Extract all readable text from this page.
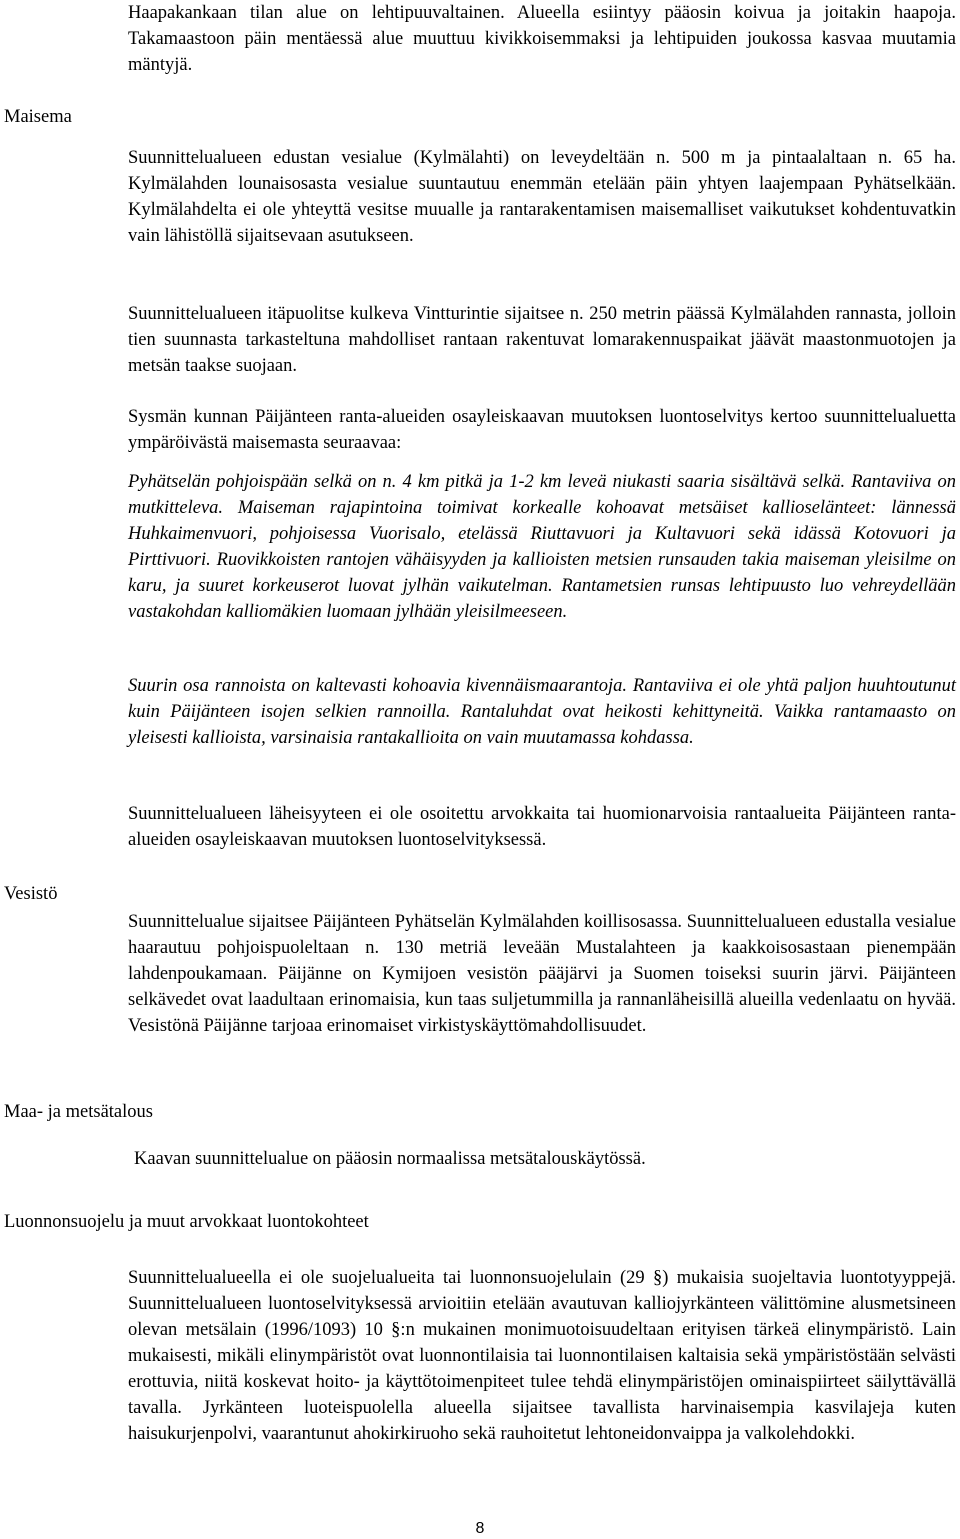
Haapakankaan tilan alue on lehtipuuvaltainen. Alueella esiintyy pääosin koivua ja joitakin haapoja. Takamaastoon päin mentäessä alue muuttuu kivikkoisemmaksi ja lehtipuiden joukossa kasvaa muutamia mäntyjä.

Maisema

Suunnittelualueen edustan vesialue (Kylmälahti) on leveydeltään n. 500 m ja pintaalaltaan n. 65 ha. Kylmälahden lounaisosasta vesialue suuntautuu enemmän etelään päin yhtyen laajempaan Pyhätselkään. Kylmälahdelta ei ole yhteyttä vesitse muualle ja rantarakentamisen maisemalliset vaikutukset kohdentuvatkin vain lähistöllä sijaitsevaan asutukseen.

Suunnittelualueen itäpuolitse kulkeva Vintturintie sijaitsee n. 250 metrin päässä Kylmälahden rannasta, jolloin tien suunnasta tarkasteltuna mahdolliset rantaan rakentuvat lomarakennuspaikat jäävät maastonmuotojen ja metsän taakse suojaan.

Sysmän kunnan Päijänteen ranta-alueiden osayleiskaavan muutoksen luontoselvitys kertoo suunnittelualuetta ympäröivästä maisemasta seuraavaa:

Pyhätselän pohjoispään selkä on n. 4 km pitkä ja 1-2 km leveä niukasti saaria sisältävä selkä. Rantaviiva on mutkitteleva. Maiseman rajapintoina toimivat korkealle kohoavat metsäiset kallioselänteet: lännessä Huhkaimenvuori, pohjoisessa Vuorisalo, etelässä Riuttavuori ja Kultavuori sekä idässä Kotovuori ja Pirttivuori. Ruovikkoisten rantojen vähäisyyden ja kallioisten metsien runsauden takia maiseman yleisilme on karu, ja suuret korkeuserot luovat jylhän vaikutelman. Rantametsien runsas lehtipuusto luo vehreydellään vastakohdan kalliomäkien luomaan jylhään yleisilmeeseen.

Suurin osa rannoista on kaltevasti kohoavia kivennäismaarantoja. Rantaviiva ei ole yhtä paljon huuhtoutunut kuin Päijänteen isojen selkien rannoilla. Rantaluhdat ovat heikosti kehittyneitä. Vaikka rantamaasto on yleisesti kallioista, varsinaisia rantakallioita on vain muutamassa kohdassa.

Suunnittelualueen läheisyyteen ei ole osoitettu arvokkaita tai huomionarvoisia rantaalueita Päijänteen ranta-alueiden osayleiskaavan muutoksen luontoselvityksessä.

Vesistö

Suunnittelualue sijaitsee Päijänteen Pyhätselän Kylmälahden koillisosassa. Suunnittelualueen edustalla vesialue haarautuu pohjoispuoleltaan n. 130 metriä leveään Mustalahteen ja kaakkoisosastaan pienempään lahdenpoukamaan. Päijänne on Kymijoen vesistön pääjärvi ja Suomen toiseksi suurin järvi. Päijänteen selkävedet ovat laadultaan erinomaisia, kun taas suljetummilla ja rannanläheisillä alueilla vedenlaatu on hyvää. Vesistönä Päijänne tarjoaa erinomaiset virkistyskäyttömahdollisuudet.

Maa- ja metsätalous

Kaavan suunnittelualue on pääosin normaalissa metsätalouskäytössä.

Luonnonsuojelu ja muut arvokkaat luontokohteet

Suunnittelualueella ei ole suojelualueita tai luonnonsuojelulain (29 §) mukaisia suojeltavia luontotyyppejä. Suunnittelualueen luontoselvityksessä arvioitiin etelään avautuvan kalliojyrkänteen välittömine alusmetsineen olevan metsälain (1996/1093) 10 §:n mukainen monimuotoisuudeltaan erityisen tärkeä elinympäristö. Lain mukaisesti, mikäli elinympäristöt ovat luonnontilaisia tai luonnontilaisen kaltaisia sekä ympäristöstään selvästi erottuvia, niitä koskevat hoito- ja käyttötoimenpiteet tulee tehdä elinympäristöjen ominaispiirteet säilyttävällä tavalla. Jyrkänteen luoteispuolella alueella sijaitsee tavallista harvinaisempia kasvilajeja kuten haisukurjenpolvi, vaarantunut ahokirkiruoho sekä rauhoitetut lehtoneidonvaippa ja valkolehdokki.

8
